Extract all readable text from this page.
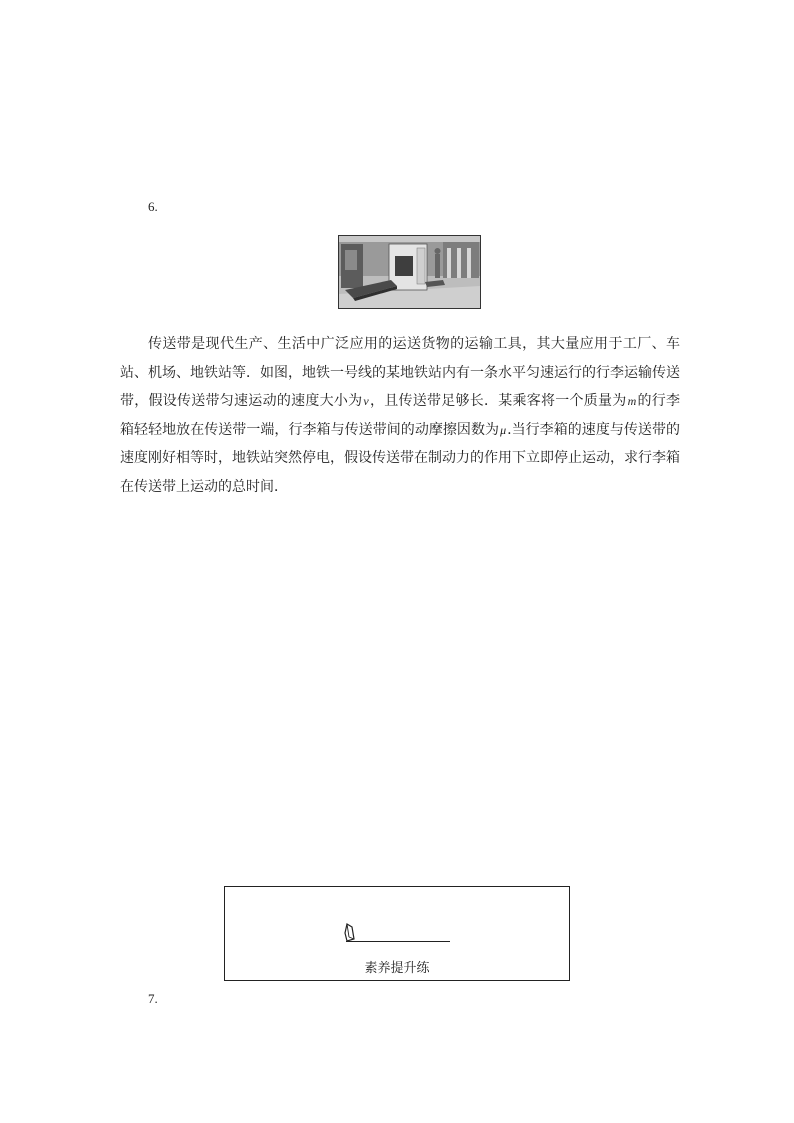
6.

传送带是现代生产、生活中广泛应用的运送货物的运输工具，其大量应用于工厂、车站、机场、地铁站等．如图，地铁一号线的某地铁站内有一条水平匀速运行的行李运输传送带，假设传送带匀速运动的速度大小为v，且传送带足够长．某乘客将一个质量为m的行李箱轻轻地放在传送带一端，行李箱与传送带间的动摩擦因数为μ.当行李箱的速度与传送带的速度刚好相等时，地铁站突然停电，假设传送带在制动力的作用下立即停止运动，求行李箱在传送带上运动的总时间．

素养提升练
7.
